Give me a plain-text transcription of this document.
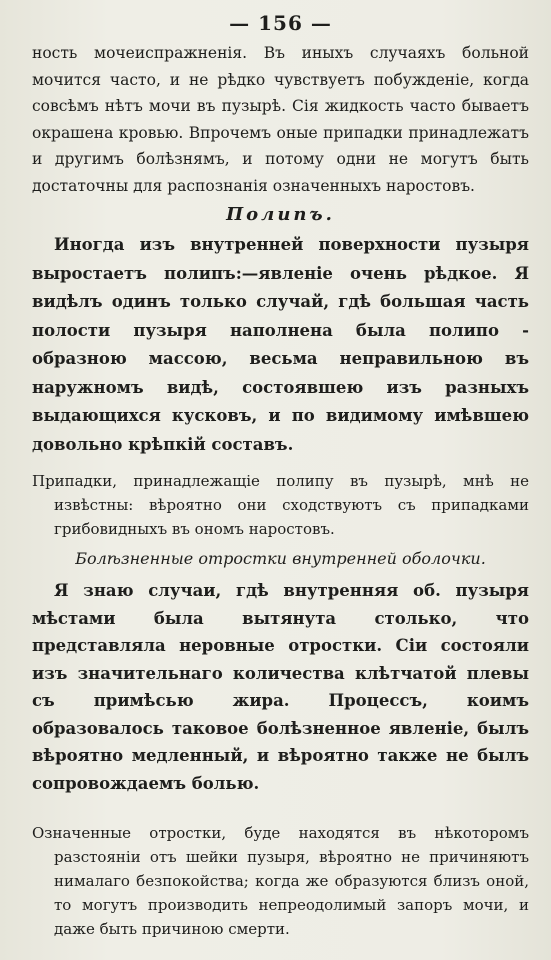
— 156 —

ность мочеиспражненія. Въ иныхъ случаяхъ больной мочится часто, и не рѣдко чувствуетъ побужденіе, когда совсѣмъ нѣтъ мочи въ пузырѣ. Сія жидкость часто бываетъ окрашена кровью. Впрочемъ оные припадки принадлежатъ и другимъ болѣзнямъ, и потому одни не могутъ быть достаточны для распознанія означенныхъ наростовъ.

Полипъ.

Иногда изъ внутренней поверхности пузыря выростаетъ полипъ:—явленіе очень рѣдкое. Я видѣлъ одинъ только случай, гдѣ большая часть полости пузыря наполнена была полипо - образною массою, весьма неправильною въ наружномъ видѣ, состоявшею изъ разныхъ выдающихся кусковъ, и по видимому имѣвшею довольно крѣпкій составъ.

Припадки, принадлежащіе полипу въ пузырѣ, мнѣ не извѣстны: вѣроятно они сходствуютъ съ припадками грибовидныхъ въ ономъ наростовъ.

Болѣзненные отростки внутренней оболочки.

Я знаю случаи, гдѣ внутренняя об. пузыря мѣстами была вытянута столько, что представляла неровные отростки. Сіи состояли изъ значительнаго количества клѣтчатой плевы съ примѣсью жира. Процессъ, коимъ образовалось таковое болѣзненное явленіе, былъ вѣроятно медленный, и вѣроятно также не былъ сопровождаемъ болью.

Означенные отростки, буде находятся въ нѣкоторомъ разстояніи отъ шейки пузыря, вѣроятно не причиняютъ нималаго безпокойства; когда же образуются близъ оной, то могутъ производить непреодолимый запоръ мочи, и даже быть причиною смерти.
